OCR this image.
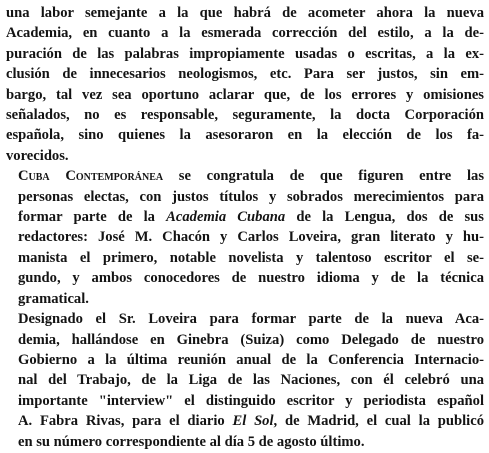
una labor semejante a la que habrá de acometer ahora la nueva
Academia, en cuanto a la esmerada corrección del estilo, a la de-
puración de las palabras impropiamente usadas o escritas, a la ex-
clusión de innecesarios neologismos, etc. Para ser justos, sin em-
bargo, tal vez sea oportuno aclarar que, de los errores y omisiones
señalados, no es responsable, seguramente, la docta Corporación
española, sino quienes la asesoraron en la elección de los fa-
vorecidos.
Cuba Contemporánea se congratula de que figuren entre las
personas electas, con justos títulos y sobrados merecimientos para
formar parte de la Academia Cubana de la Lengua, dos de sus
redactores: José M. Chacón y Carlos Loveira, gran literato y hu-
manista el primero, notable novelista y talentoso escritor el se-
gundo, y ambos conocedores de nuestro idioma y de la técnica
gramatical.
Designado el Sr. Loveira para formar parte de la nueva Aca-
demia, hallándose en Ginebra (Suiza) como Delegado de nuestro
Gobierno a la última reunión anual de la Conferencia Internacio-
nal del Trabajo, de la Liga de las Naciones, con él celebró una
importante "interview" el distinguido escritor y periodista español
A. Fabra Rivas, para el diario El Sol, de Madrid, el cual la publicó
en su número correspondiente al día 5 de agosto último.
